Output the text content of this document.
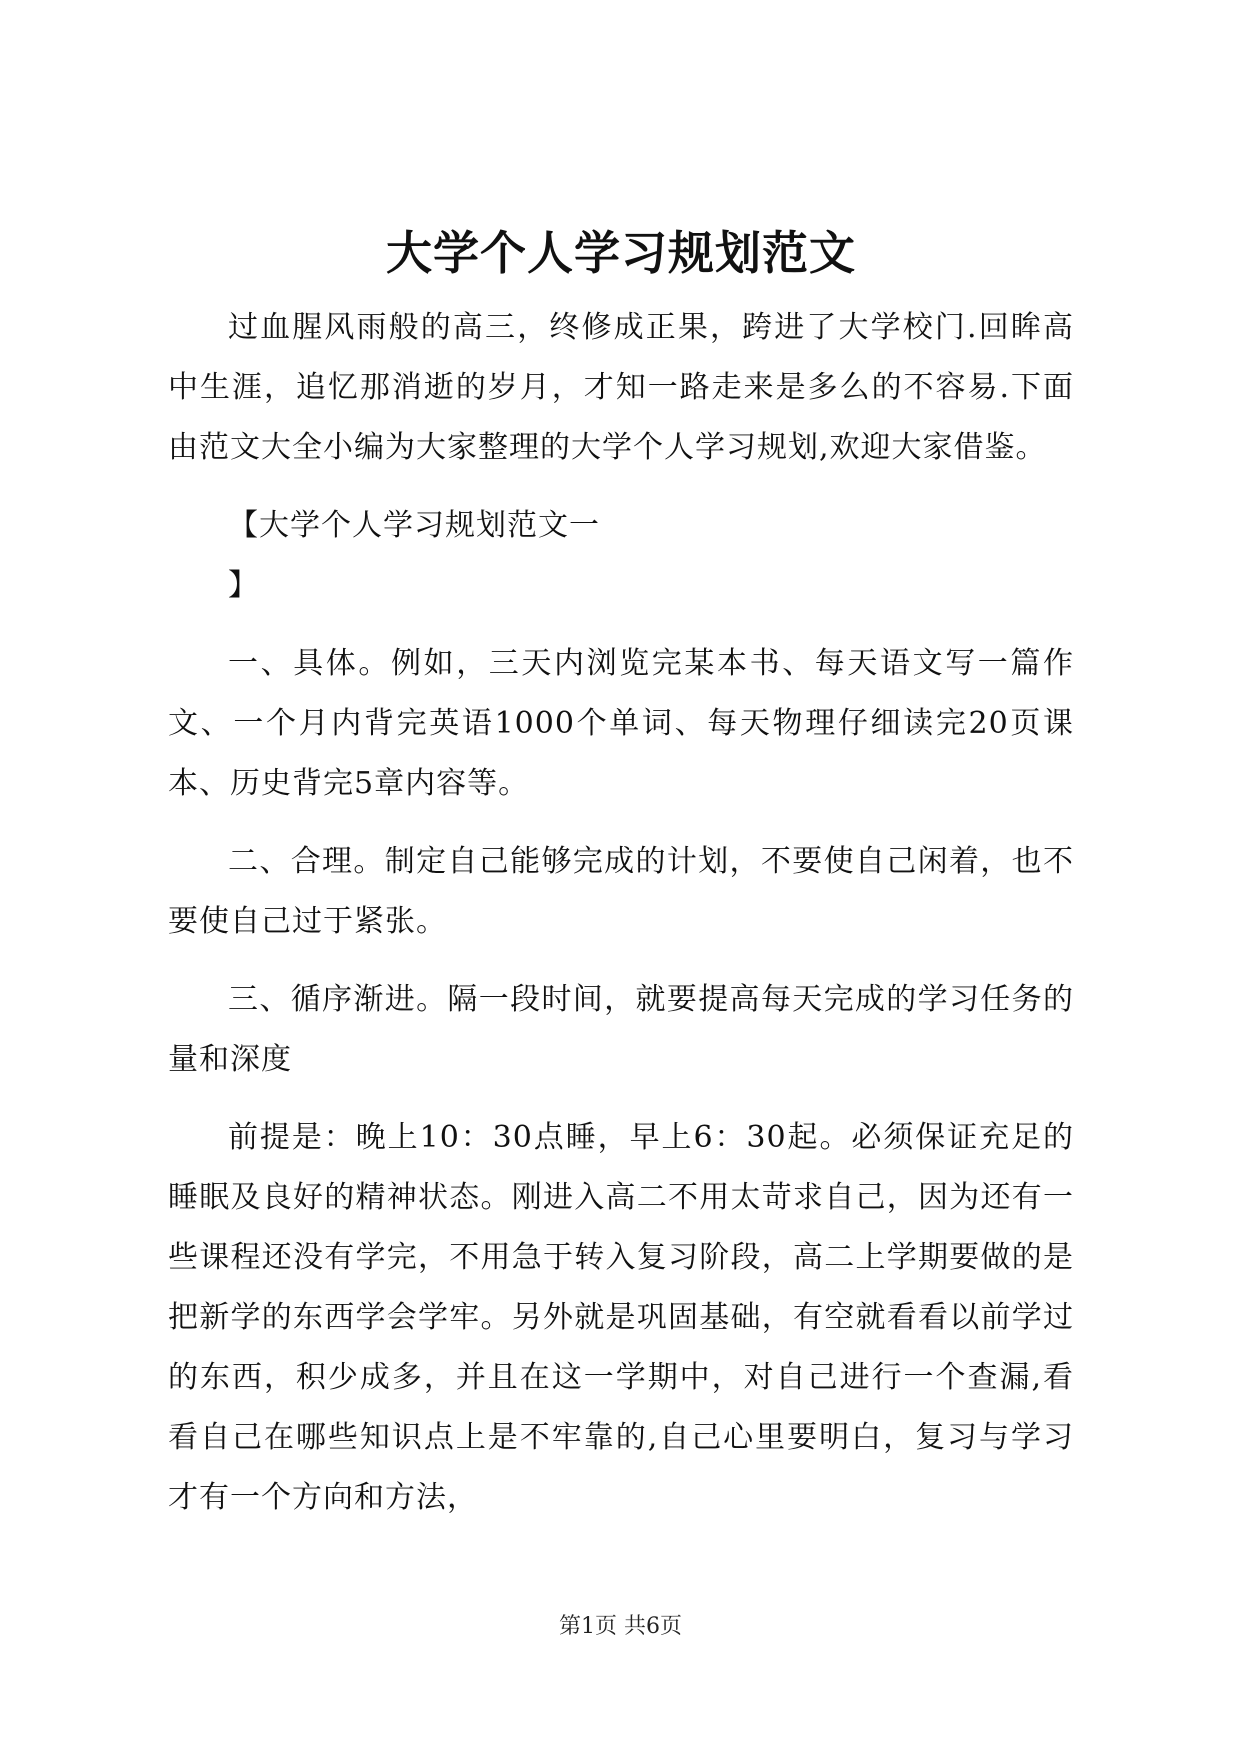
大学个人学习规划范文

过血腥风雨般的高三，终修成正果，跨进了大学校门.回眸高中生涯，追忆那消逝的岁月，才知一路走来是多么的不容易.下面由范文大全小编为大家整理的大学个人学习规划,欢迎大家借鉴。

【大学个人学习规划范文一

】

一、具体。例如，三天内浏览完某本书、每天语文写一篇作文、一个月内背完英语1000个单词、每天物理仔细读完20页课本、历史背完5章内容等。

二、合理。制定自己能够完成的计划，不要使自己闲着，也不要使自己过于紧张。

三、循序渐进。隔一段时间，就要提高每天完成的学习任务的量和深度

前提是：晚上10：30点睡，早上6：30起。必须保证充足的睡眠及良好的精神状态。刚进入高二不用太苛求自己，因为还有一些课程还没有学完，不用急于转入复习阶段，高二上学期要做的是把新学的东西学会学牢。另外就是巩固基础，有空就看看以前学过的东西，积少成多，并且在这一学期中，对自己进行一个查漏,看看自己在哪些知识点上是不牢靠的,自己心里要明白，复习与学习才有一个方向和方法，

第1页 共6页
